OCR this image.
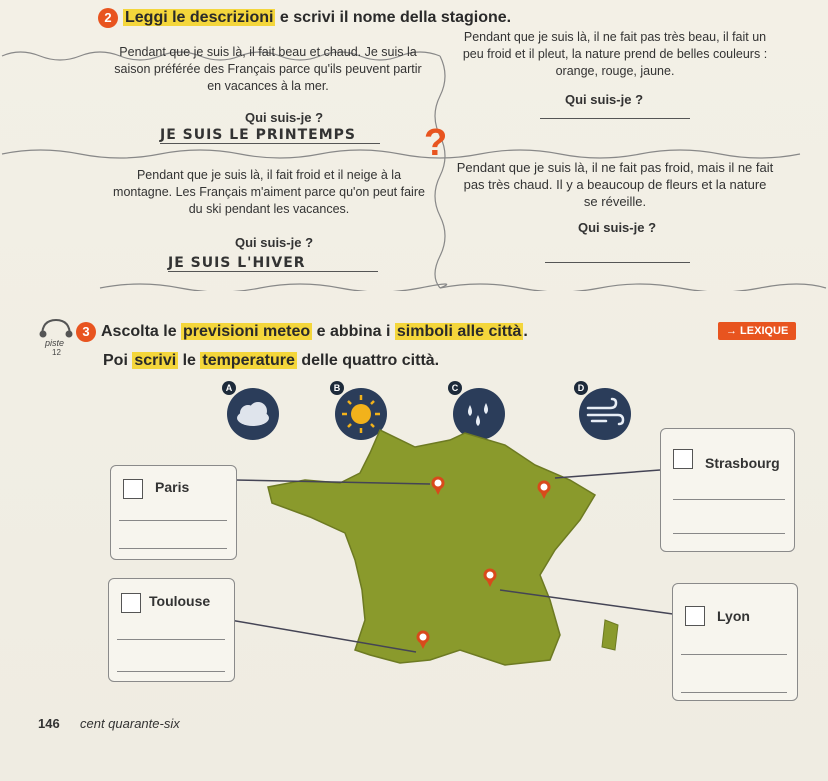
2 Leggi le descrizioni e scrivi il nome della stagione.
Pendant que je suis là, il fait beau et chaud. Je suis la saison préférée des Français parce qu'ils peuvent partir en vacances à la mer.
Qui suis-je ?
JE SUIS LE PRINTEMPS
Pendant que je suis là, il ne fait pas très beau, il fait un peu froid et il pleut, la nature prend de belles couleurs : orange, rouge, jaune.
Qui suis-je ?
?
Pendant que je suis là, il fait froid et il neige à la montagne. Les Français m'aiment parce qu'on peut faire du ski pendant les vacances.
Qui suis-je ?
JE SUIS L'HIVER
Pendant que je suis là, il ne fait pas froid, mais il ne fait pas très chaud. Il y a beaucoup de fleurs et la nature se réveille.
Qui suis-je ?
piste
12
3 Ascolta le previsioni meteo e abbina i simboli alle città .
Poi scrivi le temperature delle quattro città.
→ LEXIQUE
A	B	C	D
Paris
Strasbourg
Toulouse
Lyon
146 cent quarante-six
